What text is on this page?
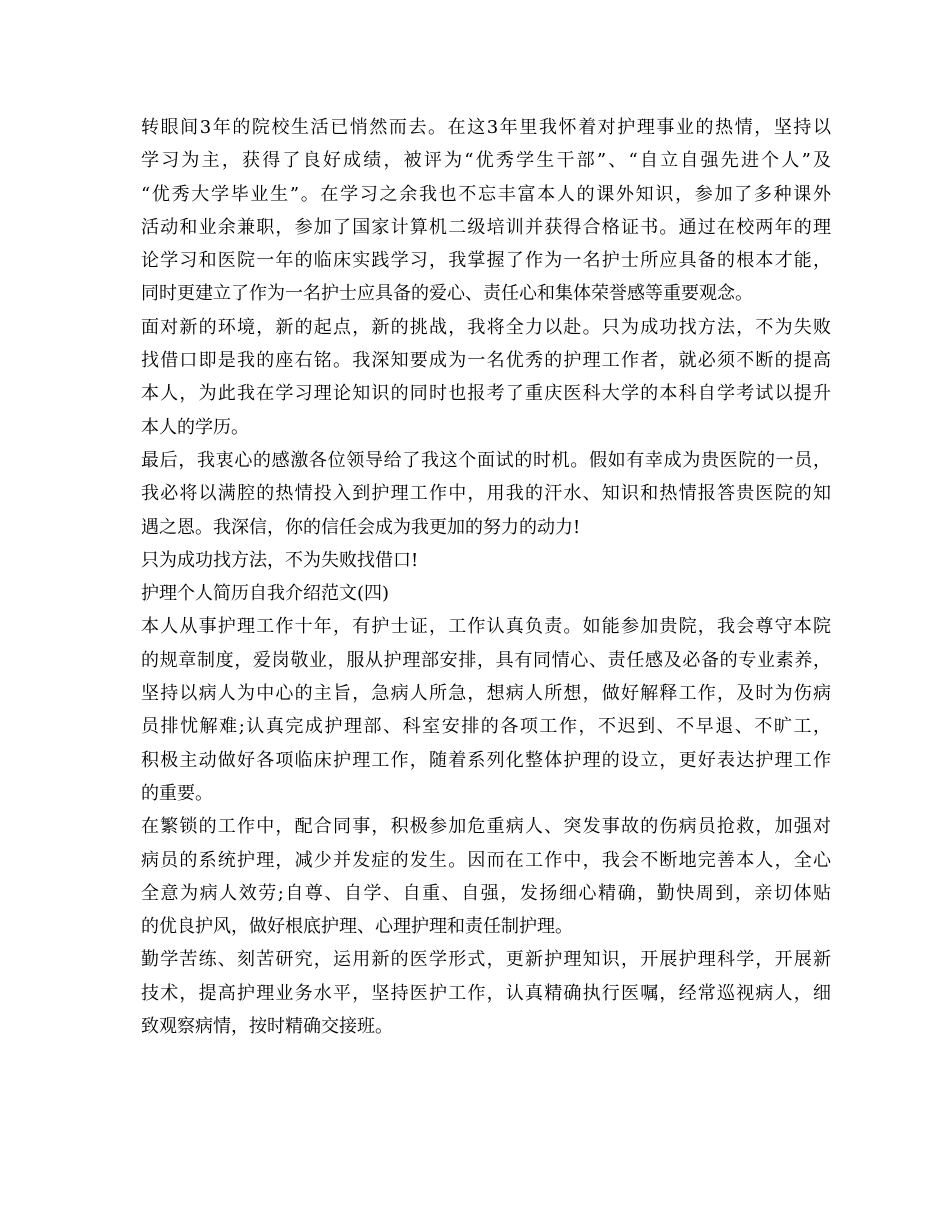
转眼间3年的院校生活已悄然而去。在这3年里我怀着对护理事业的热情，坚持以
学习为主，获得了良好成绩，被评为“优秀学生干部”、“自立自强先进个人”及
“优秀大学毕业生”。在学习之余我也不忘丰富本人的课外知识，参加了多种课外
活动和业余兼职，参加了国家计算机二级培训并获得合格证书。通过在校两年的理
论学习和医院一年的临床实践学习，我掌握了作为一名护士所应具备的根本才能，
同时更建立了作为一名护士应具备的爱心、责任心和集体荣誉感等重要观念。
面对新的环境，新的起点，新的挑战，我将全力以赴。只为成功找方法，不为失败
找借口即是我的座右铭。我深知要成为一名优秀的护理工作者，就必须不断的提高
本人，为此我在学习理论知识的同时也报考了重庆医科大学的本科自学考试以提升
本人的学历。
最后，我衷心的感激各位领导给了我这个面试的时机。假如有幸成为贵医院的一员，
我必将以满腔的热情投入到护理工作中，用我的汗水、知识和热情报答贵医院的知
遇之恩。我深信，你的信任会成为我更加的努力的动力!
只为成功找方法，不为失败找借口!
护理个人简历自我介绍范文(四)
本人从事护理工作十年，有护士证，工作认真负责。如能参加贵院，我会尊守本院
的规章制度，爱岗敬业，服从护理部安排，具有同情心、责任感及必备的专业素养，
坚持以病人为中心的主旨，急病人所急，想病人所想，做好解释工作，及时为伤病
员排忧解难;认真完成护理部、科室安排的各项工作，不迟到、不早退、不旷工，
积极主动做好各项临床护理工作，随着系列化整体护理的设立，更好表达护理工作
的重要。
在繁锁的工作中，配合同事，积极参加危重病人、突发事故的伤病员抢救，加强对
病员的系统护理，减少并发症的发生。因而在工作中，我会不断地完善本人，全心
全意为病人效劳;自尊、自学、自重、自强，发扬细心精确，勤快周到，亲切体贴
的优良护风，做好根底护理、心理护理和责任制护理。
勤学苦练、刻苦研究，运用新的医学形式，更新护理知识，开展护理科学，开展新
技术，提高护理业务水平，坚持医护工作，认真精确执行医嘱，经常巡视病人，细
致观察病情，按时精确交接班。
